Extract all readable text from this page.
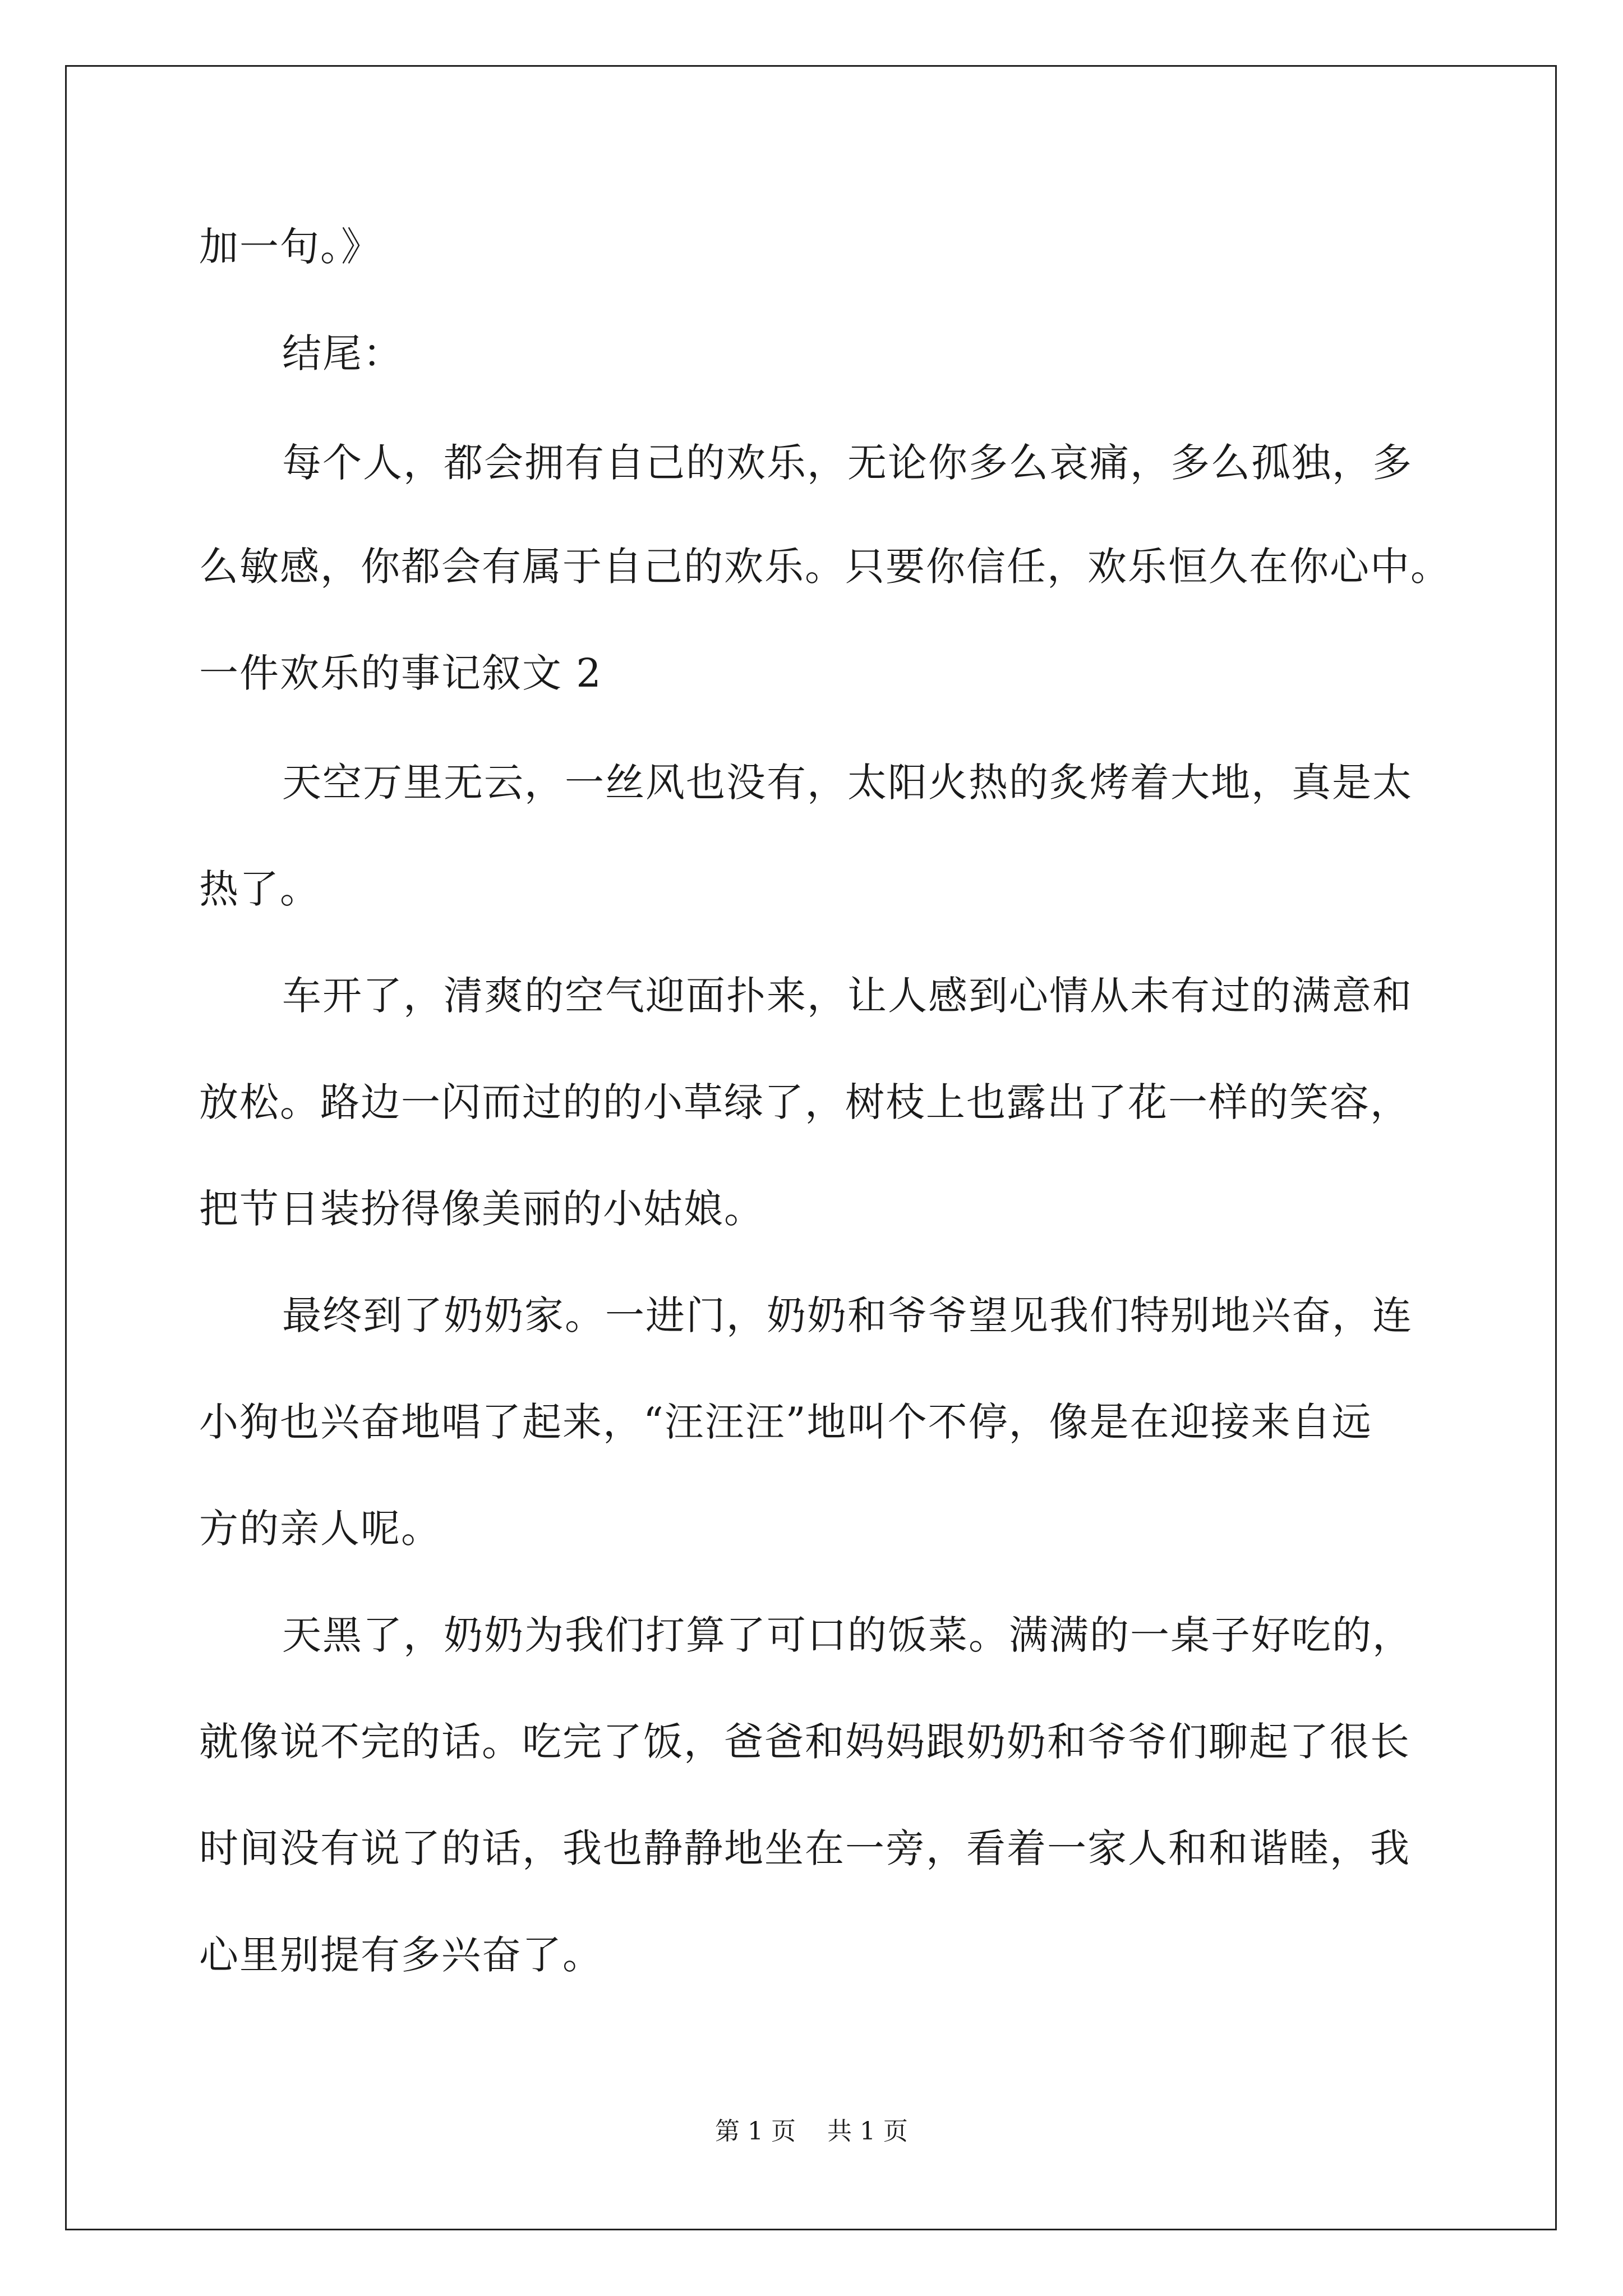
加一句。》
结尾：
每个人，都会拥有自己的欢乐，无论你多么哀痛，多么孤独，多
么敏感，你都会有属于自己的欢乐。只要你信任，欢乐恒久在你心中。
一件欢乐的事记叙文 2
天空万里无云，一丝风也没有，太阳火热的炙烤着大地，真是太
热了。
车开了，清爽的空气迎面扑来，让人感到心情从未有过的满意和
放松。路边一闪而过的的小草绿了，树枝上也露出了花一样的笑容，
把节日装扮得像美丽的小姑娘。
最终到了奶奶家。一进门，奶奶和爷爷望见我们特别地兴奋，连
小狗也兴奋地唱了起来，“汪汪汪”地叫个不停，像是在迎接来自远
方的亲人呢。
天黑了，奶奶为我们打算了可口的饭菜。满满的一桌子好吃的，
就像说不完的话。吃完了饭，爸爸和妈妈跟奶奶和爷爷们聊起了很长
时间没有说了的话，我也静静地坐在一旁，看着一家人和和谐睦，我
心里别提有多兴奋了。
第 1 页    共 1 页
